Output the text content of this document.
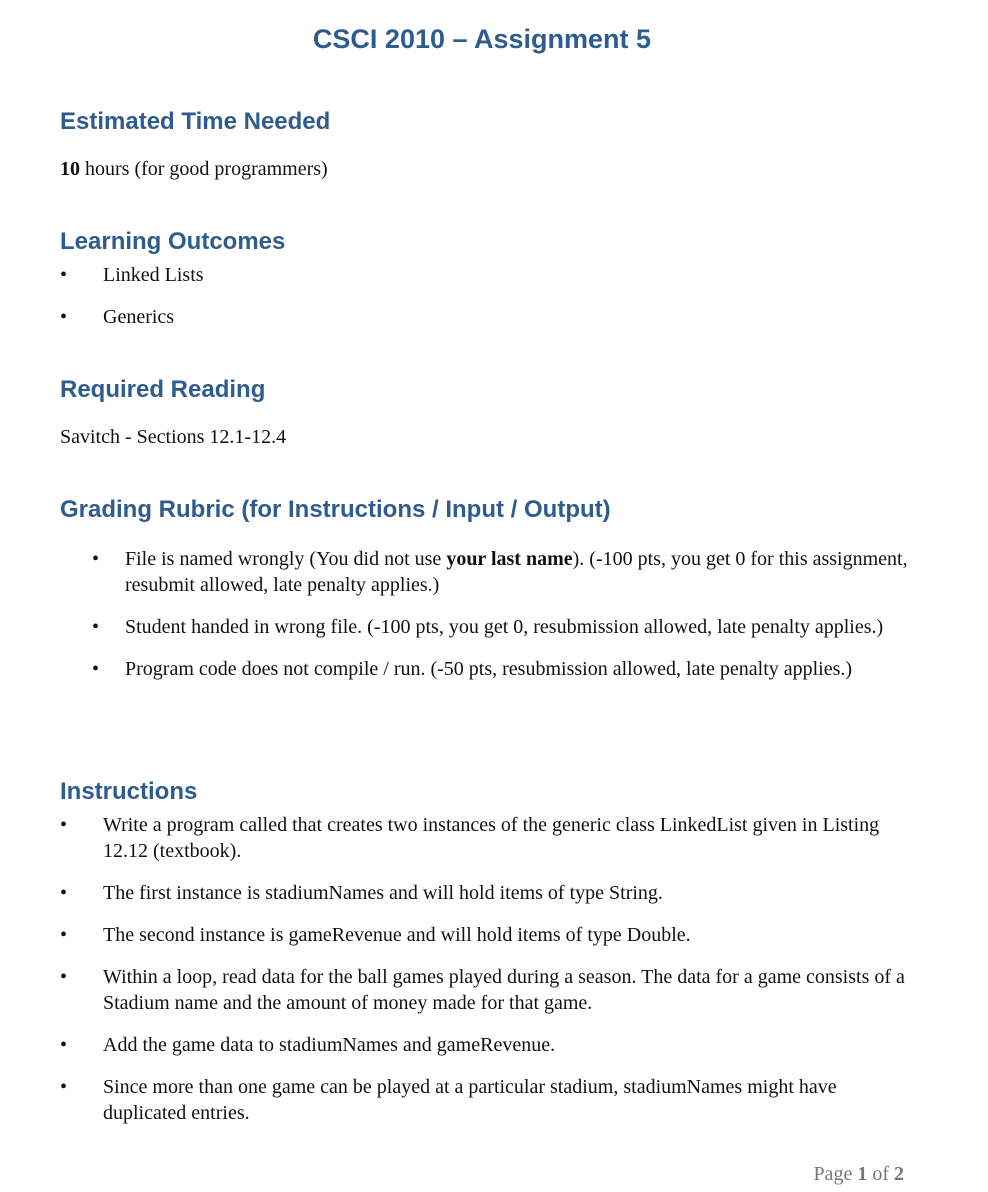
CSCI 2010 – Assignment 5
Estimated Time Needed

10 hours (for good programmers)

Learning Outcomes
• Linked Lists
• Generics
Required Reading

Savitch - Sections 12.1-12.4

Grading Rubric (for Instructions / Input / Output)
• File is named wrongly (You did not use your last name). (-100 pts, you get 0 for this assignment, resubmit allowed, late penalty applies.)
• Student handed in wrong file. (-100 pts, you get 0, resubmission allowed, late penalty applies.)
• Program code does not compile / run. (-50 pts, resubmission allowed, late penalty applies.)
Instructions
• Write a program called that creates two instances of the generic class LinkedList given in Listing 12.12 (textbook).
• The first instance is stadiumNames and will hold items of type String.
• The second instance is gameRevenue and will hold items of type Double.
• Within a loop, read data for the ball games played during a season. The data for a game consists of a Stadium name and the amount of money made for that game.
• Add the game data to stadiumNames and gameRevenue.
• Since more than one game can be played at a particular stadium, stadiumNames might have duplicated entries.

Page 1 of 2
